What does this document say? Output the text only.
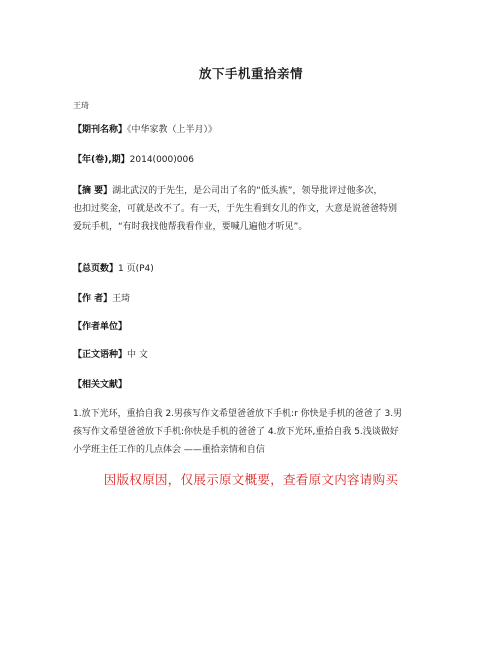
放下手机重拾亲情
王琦
【期刊名称】《中华家教（上半月）》
【年(卷),期】2014(000)006
【摘 要】湖北武汉的于先生，是公司出了名的“低头族”，领导批评过他多次，
也扣过奖金，可就是改不了。有一天，于先生看到女儿的作文，大意是说爸爸特别
爱玩手机，“有时我找他帮我看作业，要喊几遍他才听见”。
【总页数】1 页(P4)
【作 者】王琦
【作者单位】
【正文语种】中 文
【相关文献】
1.放下光环，重拾自我 2.男孩写作文希望爸爸放下手机:r 你快是手机的爸爸了 3.男
孩写作文希望爸爸放下手机:你快是手机的爸爸了 4.放下光环,重拾自我 5.浅谈做好
小学班主任工作的几点体会 ——重拾亲情和自信
因版权原因，仅展示原文概要，查看原文内容请购买
